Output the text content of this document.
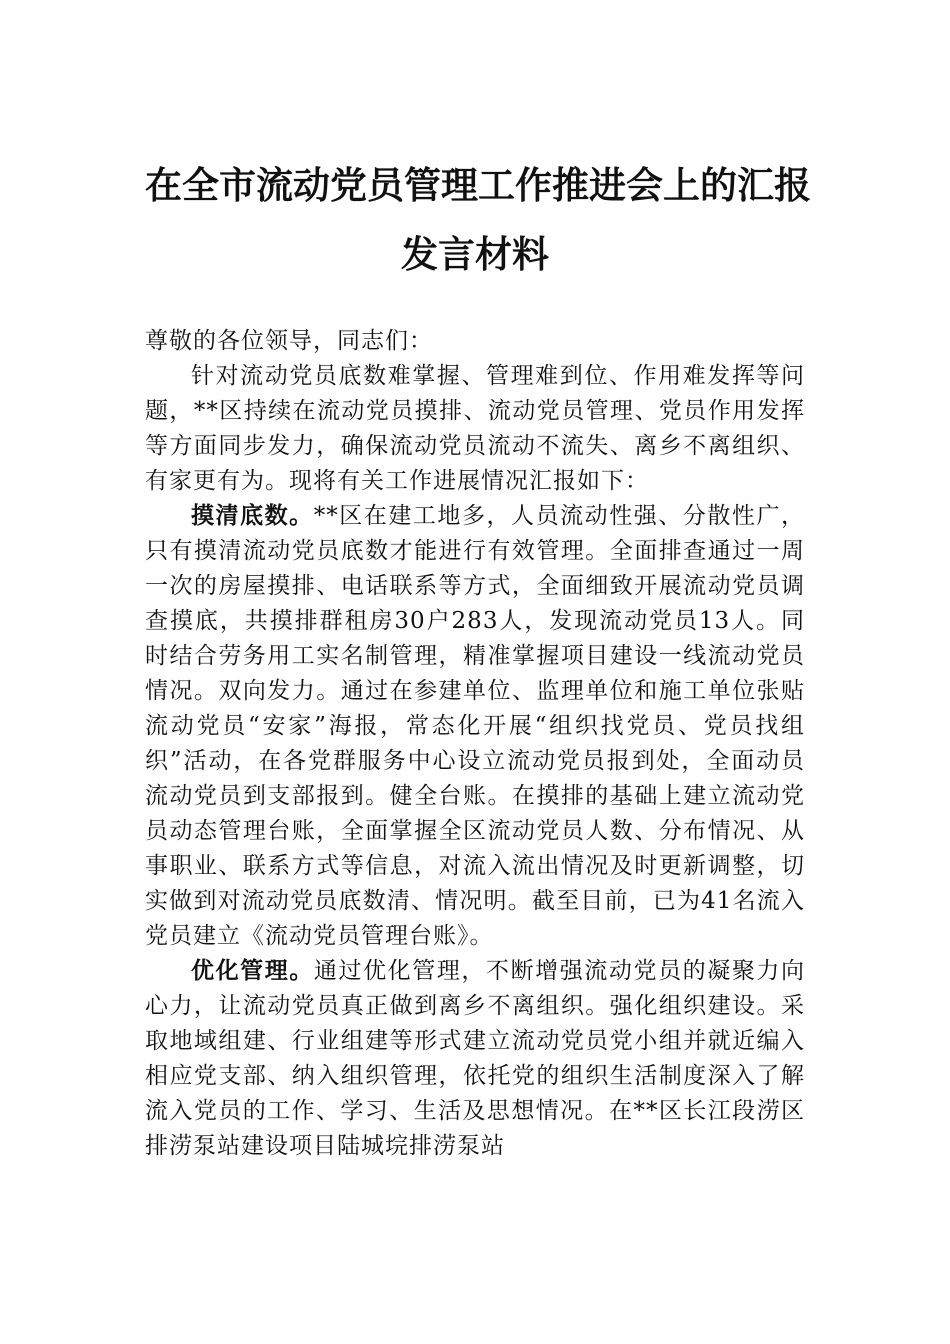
在全市流动党员管理工作推进会上的汇报
发言材料

尊敬的各位领导，同志们：

针对流动党员底数难掌握、管理难到位、作用难发挥等问题，**区持续在流动党员摸排、流动党员管理、党员作用发挥等方面同步发力，确保流动党员流动不流失、离乡不离组织、有家更有为。现将有关工作进展情况汇报如下：

摸清底数。**区在建工地多，人员流动性强、分散性广，只有摸清流动党员底数才能进行有效管理。全面排查通过一周一次的房屋摸排、电话联系等方式，全面细致开展流动党员调查摸底，共摸排群租房30户283人，发现流动党员13人。同时结合劳务用工实名制管理，精准掌握项目建设一线流动党员情况。双向发力。通过在参建单位、监理单位和施工单位张贴流动党员“安家”海报，常态化开展“组织找党员、党员找组织”活动，在各党群服务中心设立流动党员报到处，全面动员流动党员到支部报到。健全台账。在摸排的基础上建立流动党员动态管理台账，全面掌握全区流动党员人数、分布情况、从事职业、联系方式等信息，对流入流出情况及时更新调整，切实做到对流动党员底数清、情况明。截至目前，已为41名流入党员建立《流动党员管理台账》。

优化管理。通过优化管理，不断增强流动党员的凝聚力向心力，让流动党员真正做到离乡不离组织。强化组织建设。采取地域组建、行业组建等形式建立流动党员党小组并就近编入相应党支部、纳入组织管理，依托党的组织生活制度深入了解流入党员的工作、学习、生活及思想情况。在**区长江段涝区排涝泵站建设项目陆城垸排涝泵站
